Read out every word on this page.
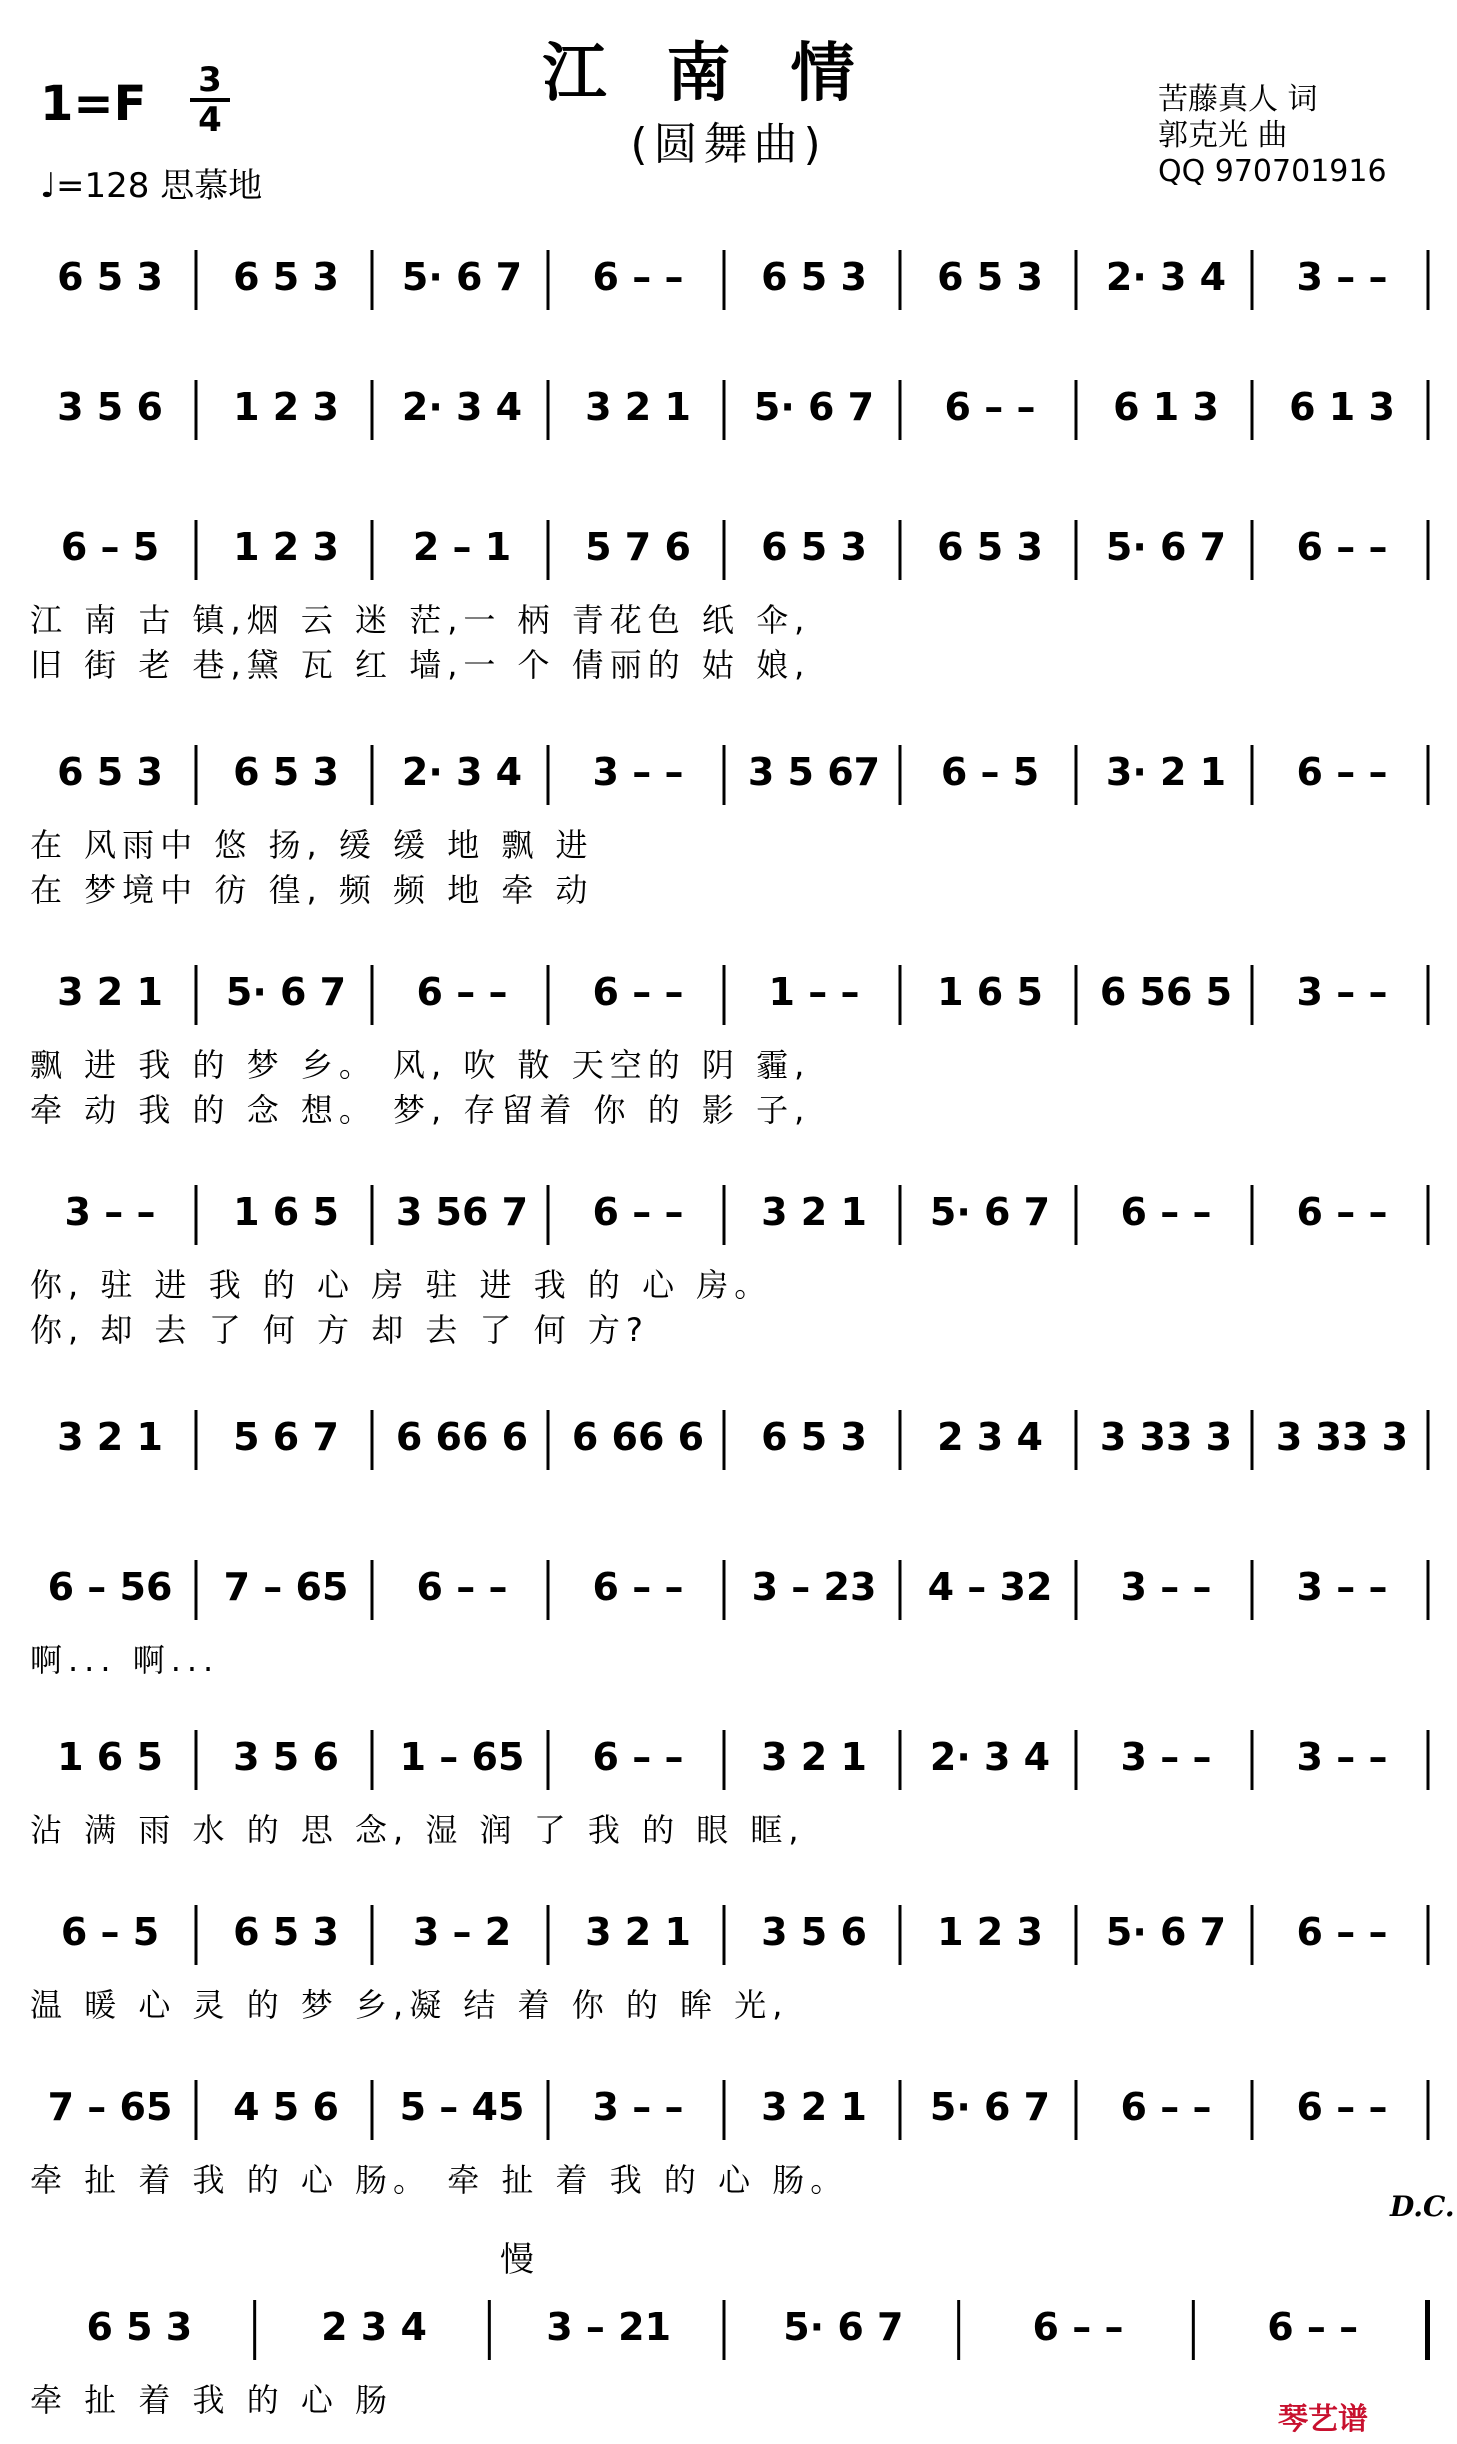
江南情
(圆舞曲)
1=F 3
4
♩=128 思慕地
苦藤真人 词
郭克光 曲
QQ 970701916
6 5 3 6 5 3 5· 6 7 6 – – 6 5 3 6 5 3 2· 3 4 3 – –
3 5 6 1 2 3 2· 3 4 3 2 1 5· 6 7 6 – – 6 1 3 6 1 3
6 – 5 1 2 3 2 – 1 5 7 6 6 5 3 6 5 3 5· 6 7 6 – –
江 南 古 镇,烟 云 迷 茫,一 柄 青花色 纸 伞,
旧 街 老 巷,黛 瓦 红 墙,一 个 倩丽的 姑 娘,
6 5 3 6 5 3 2· 3 4 3 – – 3 5 67 6 – 5 3· 2 1 6 – –
在 风雨中 悠 扬, 缓 缓 地 飘 进
在 梦境中 彷 徨, 频 频 地 牵 动
3 2 1 5· 6 7 6 – – 6 – – 1 – – 1 6 5 6 56 5 3 – –
飘 进 我 的 梦 乡。 风, 吹 散 天空的 阴 霾,
牵 动 我 的 念 想。 梦, 存留着 你 的 影 子,
3 – – 1 6 5 3 56 7 6 – – 3 2 1 5· 6 7 6 – – 6 – –
你, 驻 进 我 的 心 房 驻 进 我 的 心 房。
你, 却 去 了 何 方 却 去 了 何 方?
3 2 1 5 6 7 6 66 6 6 66 6 6 5 3 2 3 4 3 33 3 3 33 3
6 – 56 7 – 65 6 – – 6 – – 3 – 23 4 – 32 3 – – 3 – –
啊... 啊...
1 6 5 3 5 6 1 – 65 6 – – 3 2 1 2· 3 4 3 – – 3 – –
沾 满 雨 水 的 思 念, 湿 润 了 我 的 眼 眶,
6 – 5 6 5 3 3 – 2 3 2 1 3 5 6 1 2 3 5· 6 7 6 – –
温 暖 心 灵 的 梦 乡,凝 结 着 你 的 眸 光,
7 – 65 4 5 6 5 – 45 3 – – 3 2 1 5· 6 7 6 – – 6 – –
牵 扯 着 我 的 心 肠。 牵 扯 着 我 的 心 肠。
6 5 3	2 3 4	3 – 21	5· 6 7	6 – –	6 – –
牵 扯 着 我 的 心 肠
D.C.
慢
琴艺谱
